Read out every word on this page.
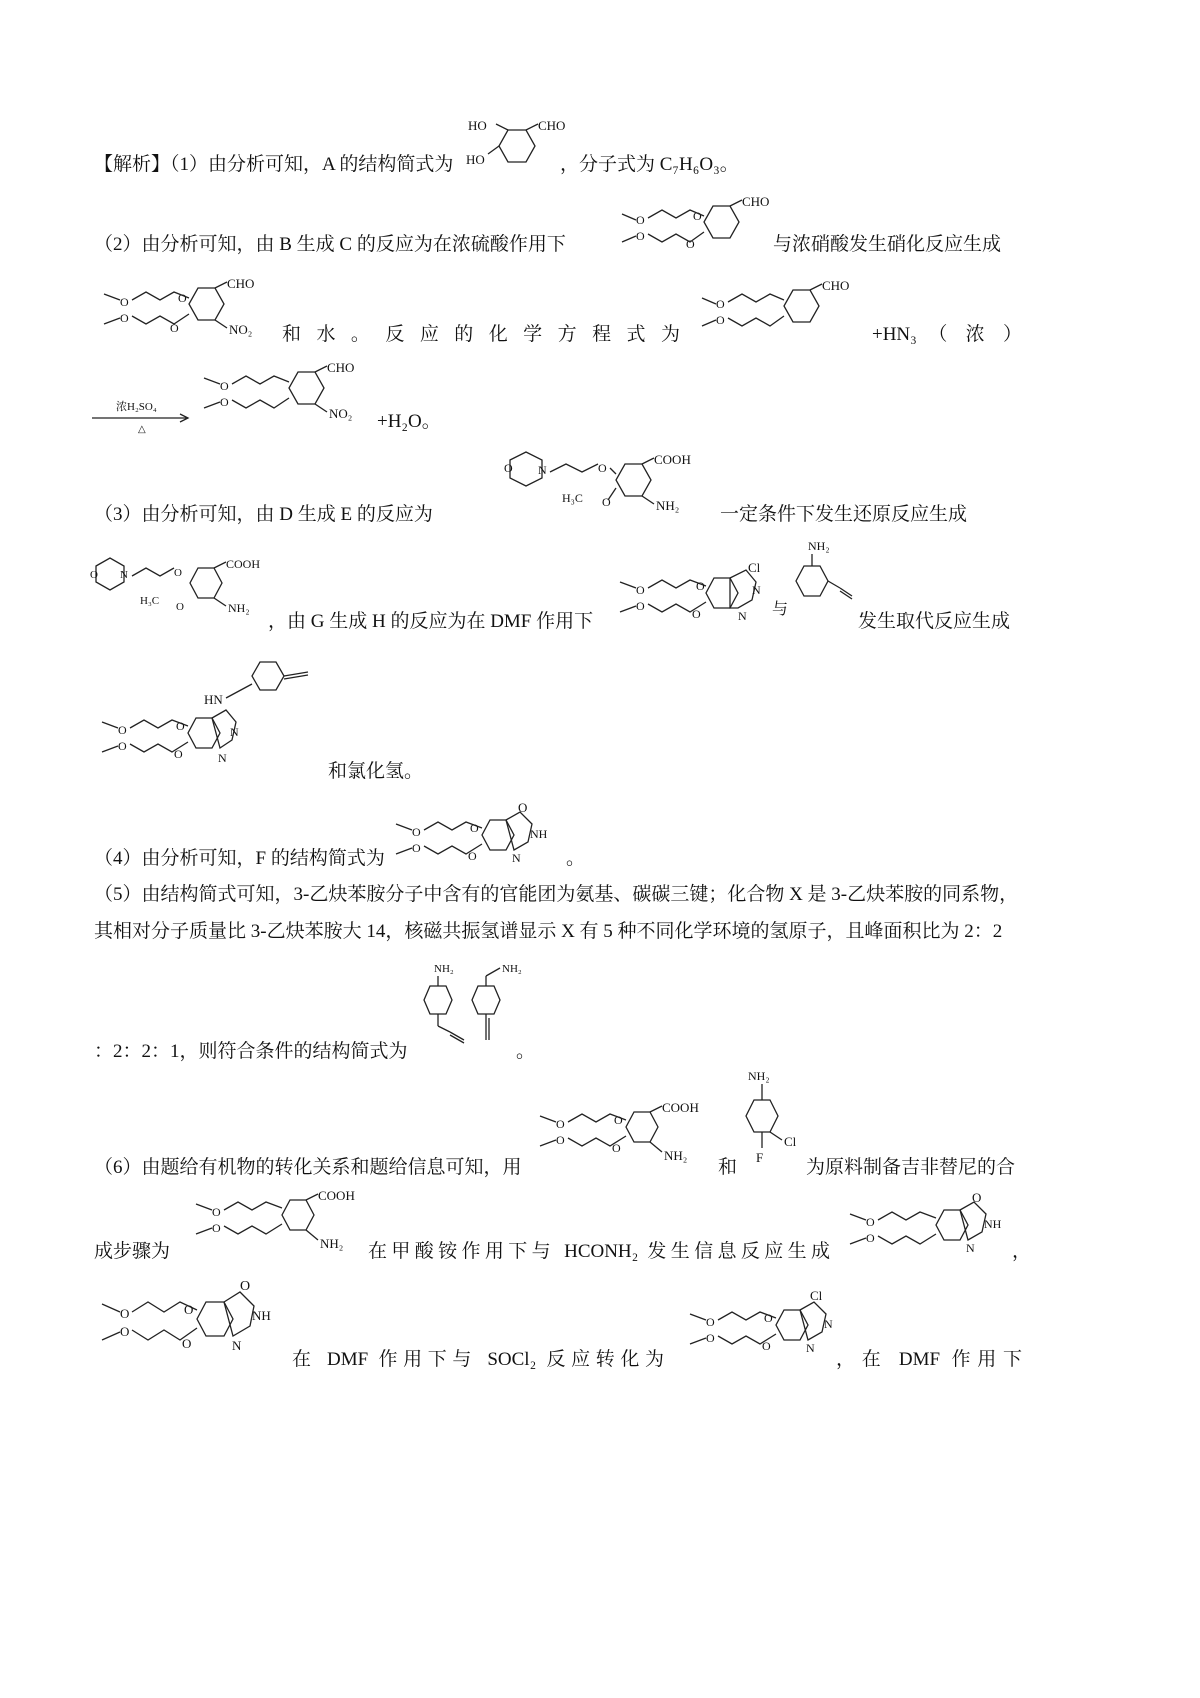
【解析】（1）由分析可知，A 的结构简式为
CHO
HO
HO	，分子式为 C₇H₆O₃。
（2）由分析可知，由 B 生成 C 的反应为在浓硫酸作用下
CHO
O
O
O
O	与浓硝酸发生硝化反应生成
CHO
NO₂
O
O
O
O
和 水 。 反 应 的 化 学 方 程 式 为
CHO
O
O
+HN₃ （ 浓 ）
浓H₂SO₄
△
CHO
NO₂
O
O
+H₂O。
O N	O
COOH
NH₂
H₃C O
（3）由分析可知，由 D 生成 E 的反应为	一定条件下发生还原反应生成
O N	O
COOH
NH₂
H₃C O
，由 G 生成 H 的反应为在 DMF 作用下
Cl
N
N
O
O
O
O	与
NH₂
发生取代反应生成
HN
N
N
O
O
O
O
和氯化氢。
（4）由分析可知，F 的结构简式为
O
NH
N
O
O
O
O	。
（5）由结构简式可知，3-乙炔苯胺分子中含有的官能团为氨基、碳碳三键；化合物 X 是 3-乙炔苯胺的同系物，
其相对分子质量比 3-乙炔苯胺大 14，核磁共振氢谱显示 X 有 5 种不同化学环境的氢原子，且峰面积比为 2：2
NH₂	NH₂
：2：2：1，则符合条件的结构简式为	。
（6）由题给有机物的转化关系和题给信息可知，用
COOH
NH₂
O
O
O
O
和
NH₂
Cl
F 为原料制备吉非替尼的合
成步骤为
COOH
NH₂
O
O
在甲酸铵作用下与 HCONH₂ 发生信息反应生成
O
NH
N
O
O
，
O
NH
N
O
O
O
O
在 DMF 作用下与 SOCl₂ 反应转化为
Cl
N
N
O
O
O
O
，在 DMF 作用下
